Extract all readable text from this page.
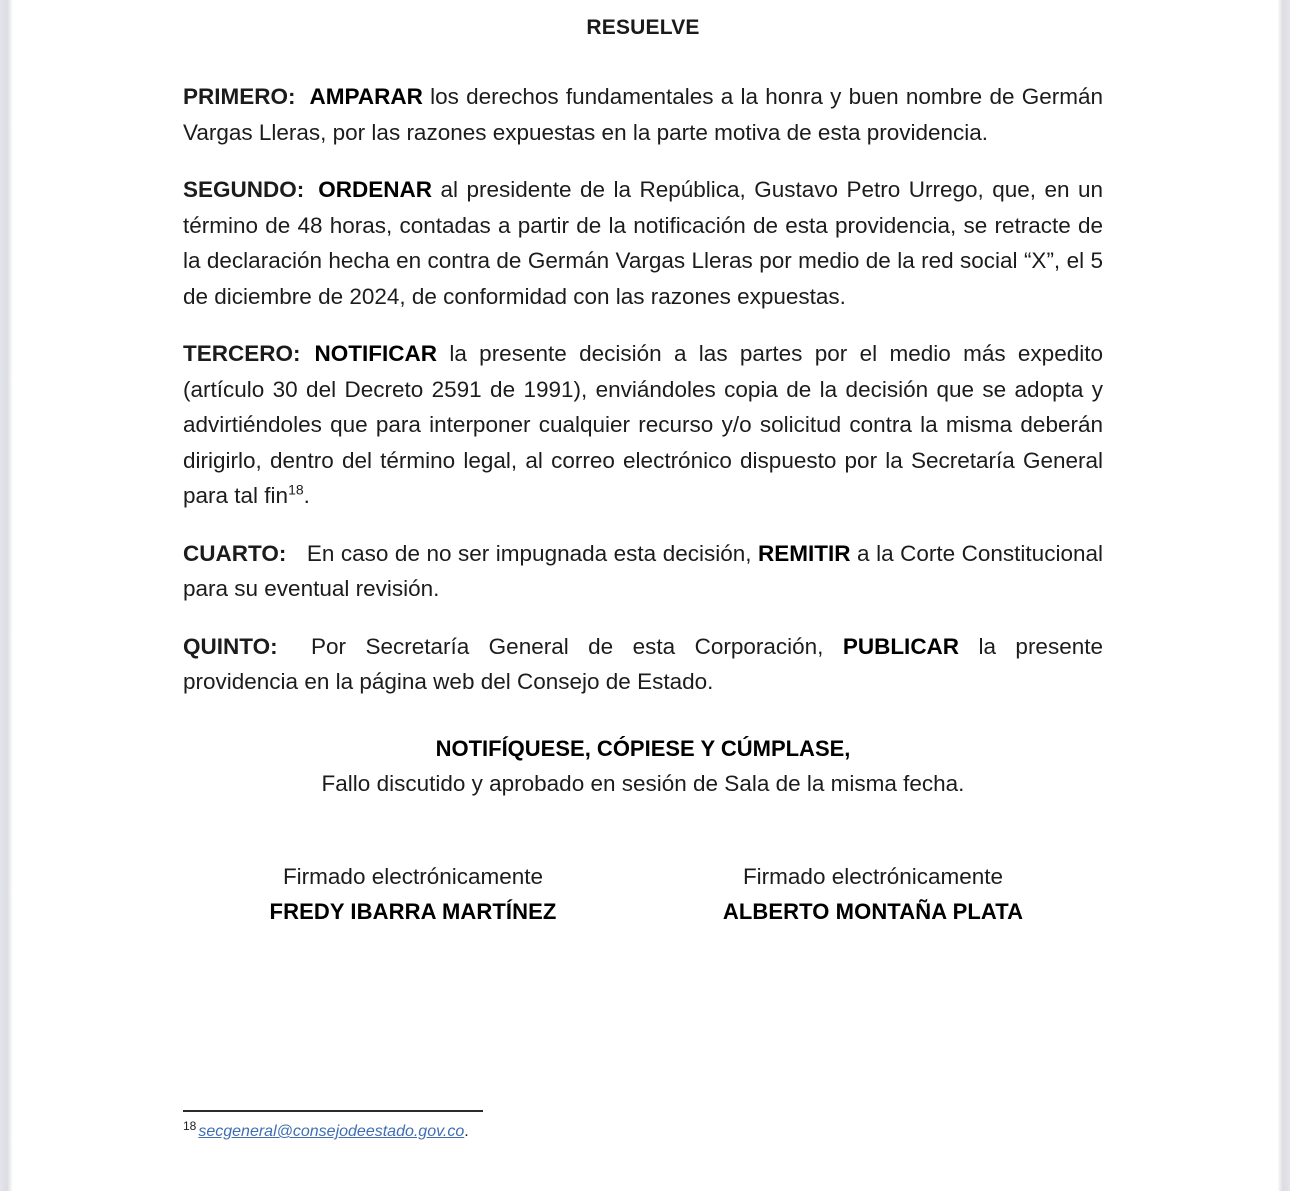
RESUELVE

PRIMERO: AMPARAR los derechos fundamentales a la honra y buen nombre de Germán Vargas Lleras, por las razones expuestas en la parte motiva de esta providencia.

SEGUNDO: ORDENAR al presidente de la República, Gustavo Petro Urrego, que, en un término de 48 horas, contadas a partir de la notificación de esta providencia, se retracte de la declaración hecha en contra de Germán Vargas Lleras por medio de la red social “X”, el 5 de diciembre de 2024, de conformidad con las razones expuestas.

TERCERO: NOTIFICAR la presente decisión a las partes por el medio más expedito (artículo 30 del Decreto 2591 de 1991), enviándoles copia de la decisión que se adopta y advirtiéndoles que para interponer cualquier recurso y/o solicitud contra la misma deberán dirigirlo, dentro del término legal, al correo electrónico dispuesto por la Secretaría General para tal fin$^{18}$.

CUARTO: En caso de no ser impugnada esta decisión, REMITIR a la Corte Constitucional para su eventual revisión.

QUINTO: Por Secretaría General de esta Corporación, PUBLICAR la presente providencia en la página web del Consejo de Estado.

NOTIFÍQUESE, CÓPIESE Y CÚMPLASE,
Fallo discutido y aprobado en sesión de Sala de la misma fecha.
Firmado electrónicamente
FREDY IBARRA MARTÍNEZ
Firmado electrónicamente
ALBERTO MONTAÑA PLATA
$^{18}$ secgeneral@consejodeestado.gov.co.
